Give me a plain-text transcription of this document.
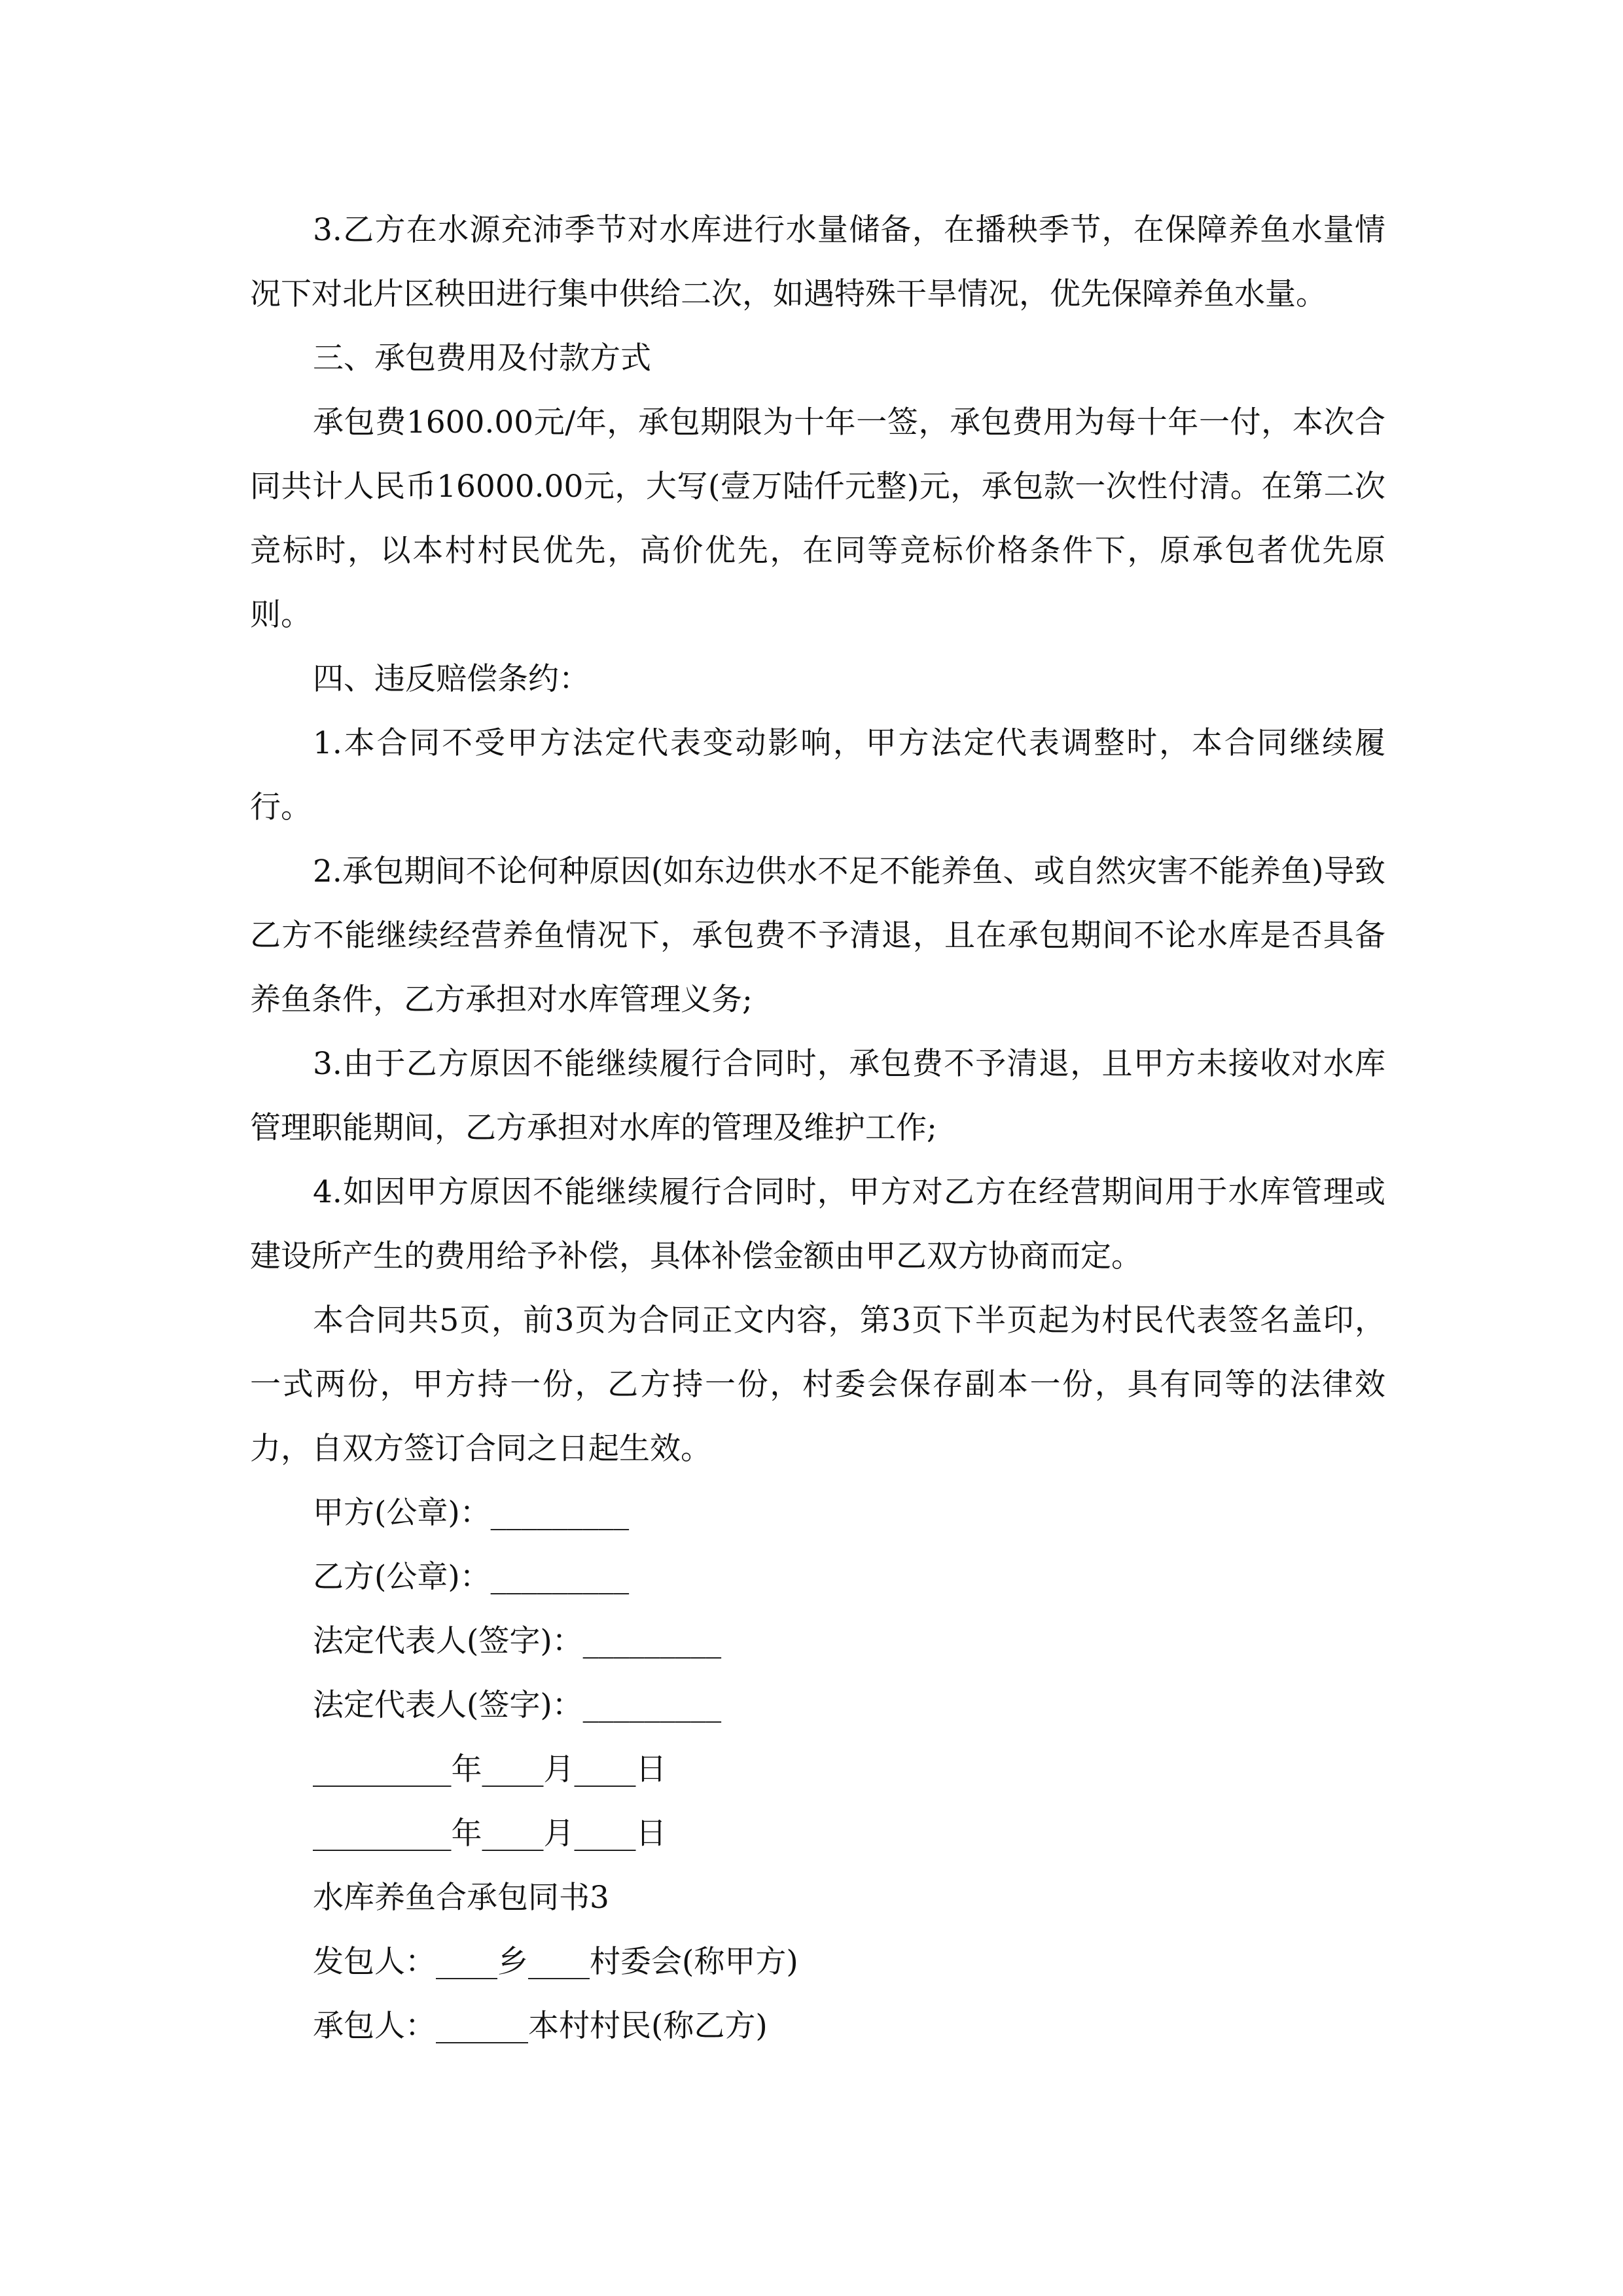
3.乙方在水源充沛季节对水库进行水量储备，在播秧季节，在保障养鱼水量情况下对北片区秧田进行集中供给二次，如遇特殊干旱情况，优先保障养鱼水量。

三、承包费用及付款方式

承包费1600.00元/年，承包期限为十年一签，承包费用为每十年一付，本次合同共计人民币16000.00元，大写(壹万陆仟元整)元，承包款一次性付清。在第二次竞标时，以本村村民优先，高价优先，在同等竞标价格条件下，原承包者优先原则。

四、违反赔偿条约：

1.本合同不受甲方法定代表变动影响，甲方法定代表调整时，本合同继续履行。

2.承包期间不论何种原因(如东边供水不足不能养鱼、或自然灾害不能养鱼)导致乙方不能继续经营养鱼情况下，承包费不予清退，且在承包期间不论水库是否具备养鱼条件，乙方承担对水库管理义务;

3.由于乙方原因不能继续履行合同时，承包费不予清退，且甲方未接收对水库管理职能期间，乙方承担对水库的管理及维护工作;

4.如因甲方原因不能继续履行合同时，甲方对乙方在经营期间用于水库管理或建设所产生的费用给予补偿，具体补偿金额由甲乙双方协商而定。

本合同共5页，前3页为合同正文内容，第3页下半页起为村民代表签名盖印，一式两份，甲方持一份，乙方持一份，村委会保存副本一份，具有同等的法律效力，自双方签订合同之日起生效。

甲方(公章)：_________

乙方(公章)：_________

法定代表人(签字)：_________

法定代表人(签字)：_________

_________年____月____日

_________年____月____日

水库养鱼合承包同书3

发包人：____乡____村委会(称甲方)

承包人：______本村村民(称乙方)
